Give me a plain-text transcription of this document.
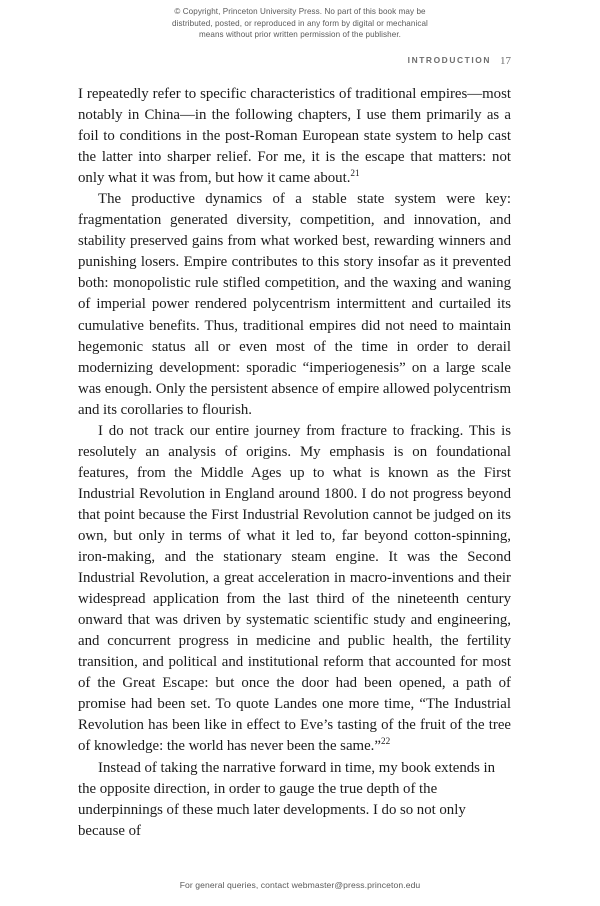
© Copyright, Princeton University Press. No part of this book may be
distributed, posted, or reproduced in any form by digital or mechanical
means without prior written permission of the publisher.
INTRODUCTION 17

I repeatedly refer to specific characteristics of traditional empires—most notably in China—in the following chapters, I use them primarily as a foil to conditions in the post-Roman European state system to help cast the latter into sharper relief. For me, it is the escape that matters: not only what it was from, but how it came about.$^{21}$

The productive dynamics of a stable state system were key: fragmentation generated diversity, competition, and innovation, and stability preserved gains from what worked best, rewarding winners and punishing losers. Empire contributes to this story insofar as it prevented both: monopolistic rule stifled competition, and the waxing and waning of imperial power rendered polycentrism intermittent and curtailed its cumulative benefits. Thus, traditional empires did not need to maintain hegemonic status all or even most of the time in order to derail modernizing development: sporadic “imperiogenesis” on a large scale was enough. Only the persistent absence of empire allowed polycentrism and its corollaries to flourish.

I do not track our entire journey from fracture to fracking. This is resolutely an analysis of origins. My emphasis is on foundational features, from the Middle Ages up to what is known as the First Industrial Revolution in England around 1800. I do not progress beyond that point because the First Industrial Revolution cannot be judged on its own, but only in terms of what it led to, far beyond cotton-spinning, iron-making, and the stationary steam engine. It was the Second Industrial Revolution, a great acceleration in macro-inventions and their widespread application from the last third of the nineteenth century onward that was driven by systematic scientific study and engineering, and concurrent progress in medicine and public health, the fertility transition, and political and institutional reform that accounted for most of the Great Escape: but once the door had been opened, a path of promise had been set. To quote Landes one more time, “The Industrial Revolution has been like in effect to Eve’s tasting of the fruit of the tree of knowledge: the world has never been the same.”$^{22}$

Instead of taking the narrative forward in time, my book extends in the opposite direction, in order to gauge the true depth of the underpinnings of these much later developments. I do so not only because of

For general queries, contact webmaster@press.princeton.edu
